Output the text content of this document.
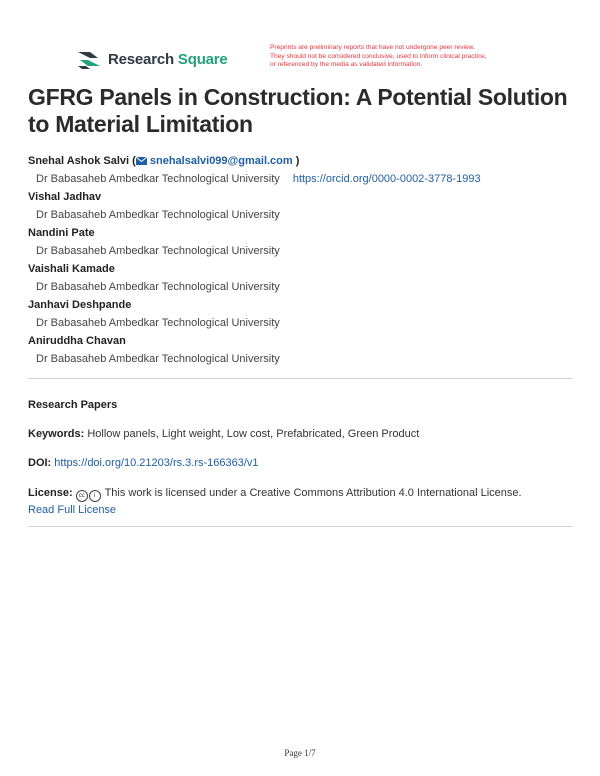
Research Square
Preprints are preliminary reports that have not undergone peer review.
They should not be considered conclusive, used to inform clinical practice,
or referenced by the media as validated information.
GFRG Panels in Construction: A Potential Solution to Material Limitation
Snehal Ashok Salvi ( snehalsalvi099@gmail.com )
Dr Babasaheb Ambedkar Technological University https://orcid.org/0000-0002-3778-1993
Vishal Jadhav
Dr Babasaheb Ambedkar Technological University
Nandini Pate
Dr Babasaheb Ambedkar Technological University
Vaishali Kamade
Dr Babasaheb Ambedkar Technological University
Janhavi Deshpande
Dr Babasaheb Ambedkar Technological University
Aniruddha Chavan
Dr Babasaheb Ambedkar Technological University
Research Papers
Keywords: Hollow panels, Light weight, Low cost, Prefabricated, Green Product
DOI: https://doi.org/10.21203/rs.3.rs-166363/v1
License: cc i This work is licensed under a Creative Commons Attribution 4.0 International License.
Read Full License
Page 1/7
